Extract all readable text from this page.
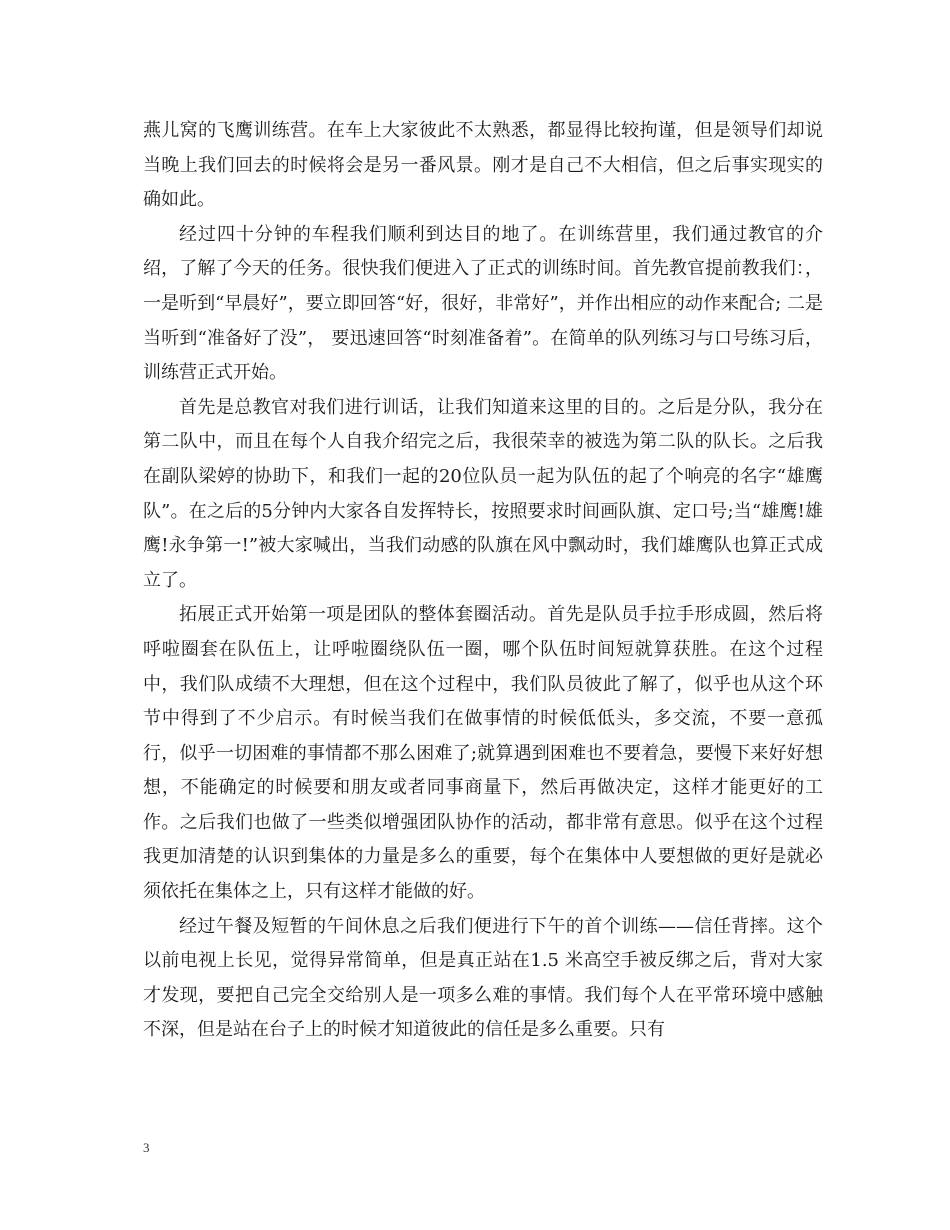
燕儿窝的飞鹰训练营。在车上大家彼此不太熟悉，都显得比较拘谨，但是领导们却说当晚上我们回去的时候将会是另一番风景。刚才是自己不大相信，但之后事实现实的确如此。

经过四十分钟的车程我们顺利到达目的地了。在训练营里，我们通过教官的介绍，了解了今天的任务。很快我们便进入了正式的训练时间。首先教官提前教我们：，一是听到“早晨好”，要立即回答“好，很好，非常好”，并作出相应的动作来配合; 二是当听到“准备好了没”， 要迅速回答“时刻准备着”。在简单的队列练习与口号练习后，训练营正式开始。

首先是总教官对我们进行训话，让我们知道来这里的目的。之后是分队，我分在第二队中，而且在每个人自我介绍完之后，我很荣幸的被选为第二队的队长。之后我在副队梁婷的协助下，和我们一起的20位队员一起为队伍的起了个响亮的名字“雄鹰队”。在之后的5分钟内大家各自发挥特长，按照要求时间画队旗、定口号;当“雄鹰!雄鹰!永争第一!”被大家喊出，当我们动感的队旗在风中飘动时，我们雄鹰队也算正式成立了。

拓展正式开始第一项是团队的整体套圈活动。首先是队员手拉手形成圆，然后将呼啦圈套在队伍上，让呼啦圈绕队伍一圈，哪个队伍时间短就算获胜。在这个过程中，我们队成绩不大理想，但在这个过程中，我们队员彼此了解了，似乎也从这个环节中得到了不少启示。有时候当我们在做事情的时候低低头，多交流，不要一意孤行，似乎一切困难的事情都不那么困难了;就算遇到困难也不要着急，要慢下来好好想想，不能确定的时候要和朋友或者同事商量下，然后再做决定，这样才能更好的工作。之后我们也做了一些类似增强团队协作的活动，都非常有意思。似乎在这个过程我更加清楚的认识到集体的力量是多么的重要，每个在集体中人要想做的更好是就必须依托在集体之上，只有这样才能做的好。

经过午餐及短暂的午间休息之后我们便进行下午的首个训练——信任背摔。这个以前电视上长见，觉得异常简单，但是真正站在1.5 米高空手被反绑之后，背对大家才发现，要把自己完全交给别人是一项多么难的事情。我们每个人在平常环境中感触不深，但是站在台子上的时候才知道彼此的信任是多么重要。只有

3
